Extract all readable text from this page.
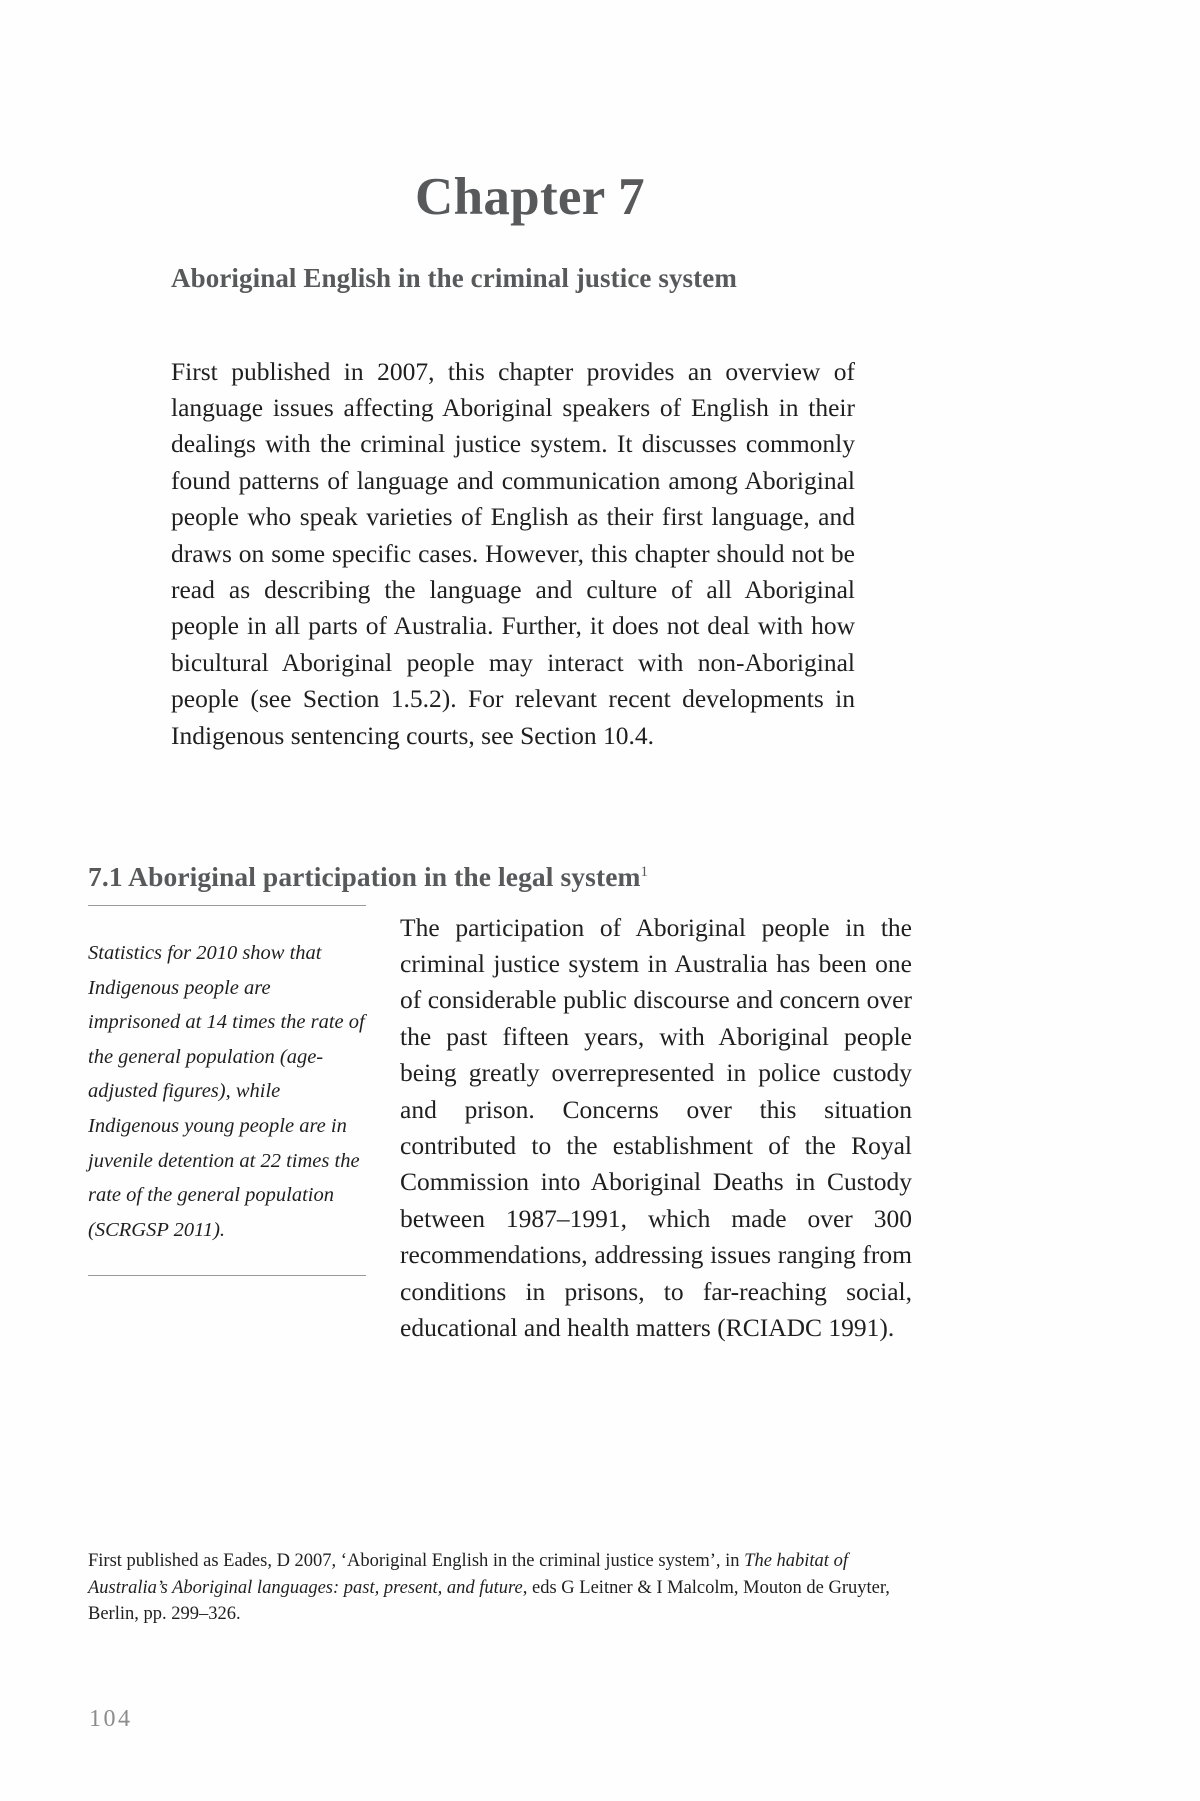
Chapter 7
Aboriginal English in the criminal justice system

First published in 2007, this chapter provides an overview of language issues affecting Aboriginal speakers of English in their dealings with the criminal justice system. It discusses commonly found patterns of language and communication among Aboriginal people who speak varieties of English as their first language, and draws on some specific cases. However, this chapter should not be read as describing the language and culture of all Aboriginal people in all parts of Australia. Further, it does not deal with how bicultural Aboriginal people may interact with non-Aboriginal people (see Section 1.5.2). For relevant recent developments in Indigenous sentencing courts, see Section 10.4.

7.1 Aboriginal participation in the legal system$^1$
Statistics for 2010 show that Indigenous people are imprisoned at 14 times the rate of the general population (age-adjusted figures), while Indigenous young people are in juvenile detention at 22 times the rate of the general population (SCRGSP 2011).

The participation of Aboriginal people in the criminal justice system in Australia has been one of considerable public discourse and concern over the past fifteen years, with Aboriginal people being greatly overrepresented in police custody and prison. Concerns over this situation contributed to the establishment of the Royal Commission into Aboriginal Deaths in Custody between 1987–1991, which made over 300 recommendations, addressing issues ranging from conditions in prisons, to far-reaching social, educational and health matters (RCIADC 1991).

First published as Eades, D 2007, ‘Aboriginal English in the criminal justice system’, in The habitat of Australia’s Aboriginal languages: past, present, and future, eds G Leitner & I Malcolm, Mouton de Gruyter, Berlin, pp. 299–326.
104
